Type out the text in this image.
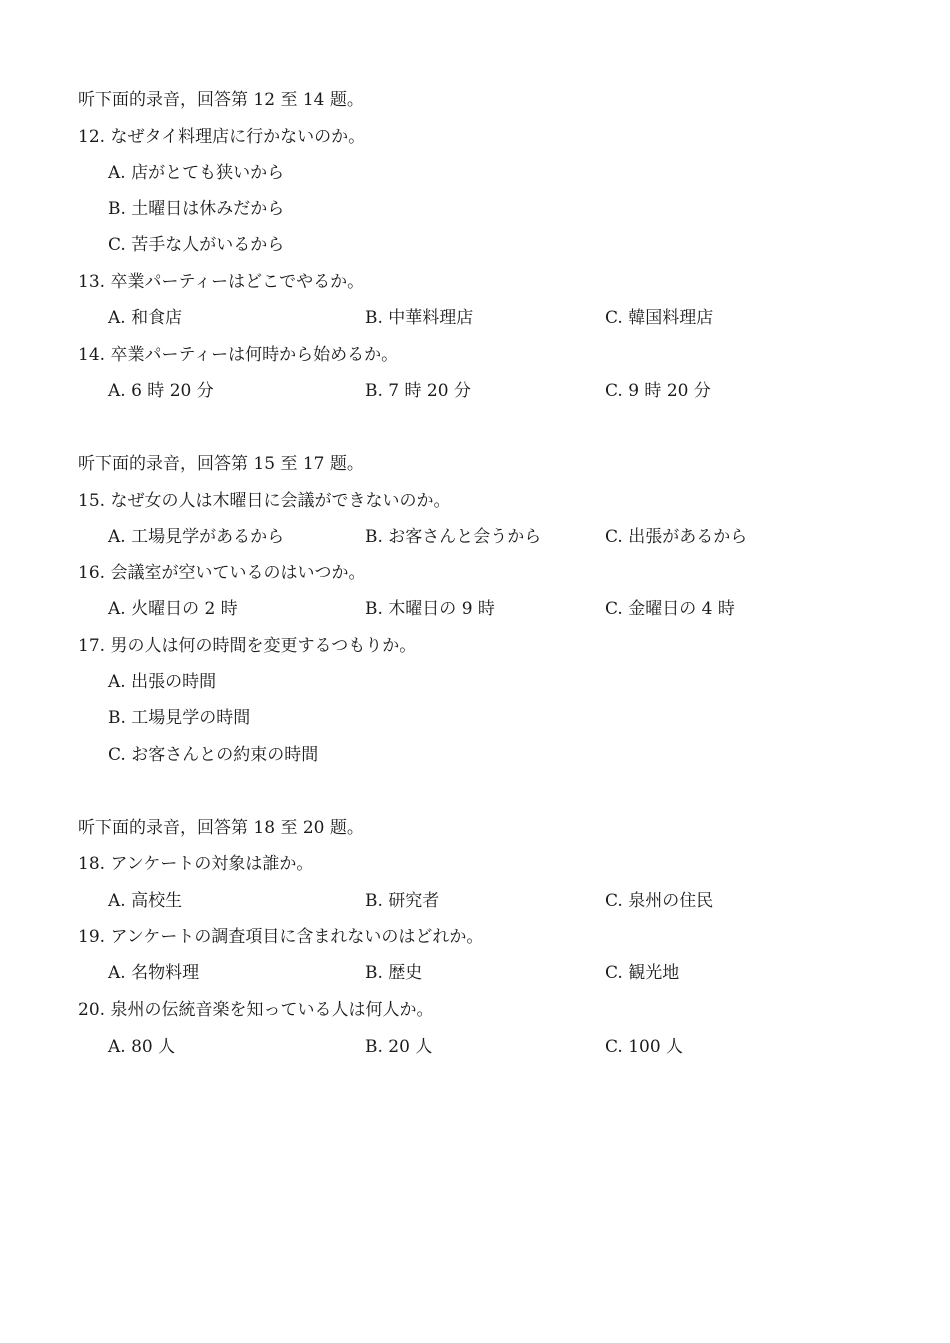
听下面的录音，回答第 12 至 14 题。
12. なぜタイ料理店に行かないのか。
A. 店がとても狭いから
B. 土曜日は休みだから
C. 苦手な人がいるから
13. 卒業パーティーはどこでやるか。
A. 和食店	B. 中華料理店	C. 韓国料理店
14. 卒業パーティーは何時から始めるか。
A. 6 時 20 分	B. 7 時 20 分	C. 9 時 20 分
听下面的录音，回答第 15 至 17 题。
15. なぜ女の人は木曜日に会議ができないのか。
A. 工場見学があるから	B. お客さんと会うから	C. 出張があるから
16. 会議室が空いているのはいつか。
A. 火曜日の 2 時	B. 木曜日の 9 時	C. 金曜日の 4 時
17. 男の人は何の時間を変更するつもりか。
A. 出張の時間
B. 工場見学の時間
C. お客さんとの約束の時間
听下面的录音，回答第 18 至 20 题。
18. アンケートの対象は誰か。
A. 高校生	B. 研究者	C. 泉州の住民
19. アンケートの調査項目に含まれないのはどれか。
A. 名物料理	B. 歴史	C. 観光地
20. 泉州の伝統音楽を知っている人は何人か。
A. 80 人	B. 20 人	C. 100 人
